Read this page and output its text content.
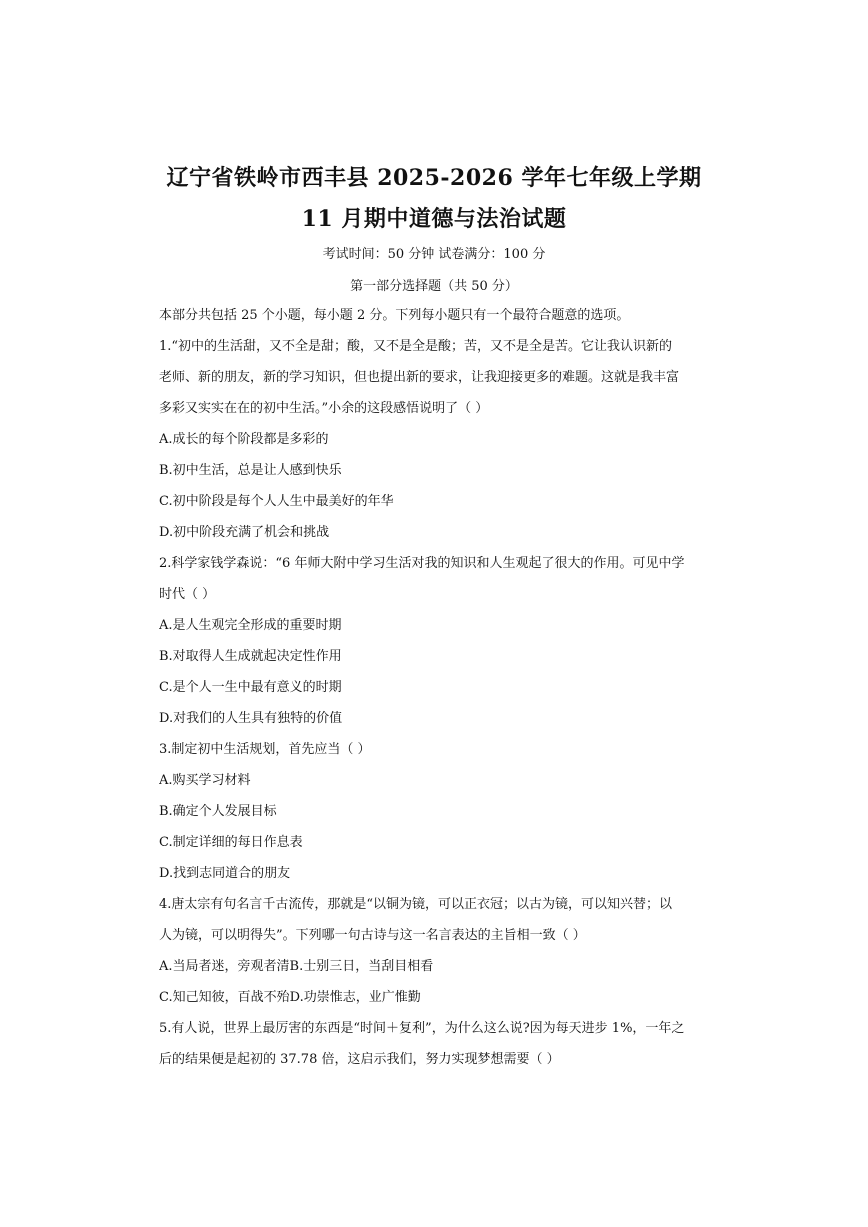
辽宁省铁岭市西丰县 2025-2026 学年七年级上学期
11 月期中道德与法治试题
考试时间：50 分钟 试卷满分：100 分
第一部分选择题（共 50 分）
本部分共包括 25 个小题，每小题 2 分。下列每小题只有一个最符合题意的选项。
1.“初中的生活甜，又不全是甜；酸，又不是全是酸；苦，又不是全是苦。它让我认识新的
老师、新的朋友，新的学习知识，但也提出新的要求，让我迎接更多的难题。这就是我丰富
多彩又实实在在的初中生活。”小余的这段感悟说明了（ ）
A.成长的每个阶段都是多彩的
B.初中生活，总是让人感到快乐
C.初中阶段是每个人人生中最美好的年华
D.初中阶段充满了机会和挑战
2.科学家钱学森说：“6 年师大附中学习生活对我的知识和人生观起了很大的作用。可见中学
时代（ ）
A.是人生观完全形成的重要时期
B.对取得人生成就起决定性作用
C.是个人一生中最有意义的时期
D.对我们的人生具有独特的价值
3.制定初中生活规划，首先应当（ ）
A.购买学习材料
B.确定个人发展目标
C.制定详细的每日作息表
D.找到志同道合的朋友
4.唐太宗有句名言千古流传，那就是“以铜为镜，可以正衣冠；以古为镜，可以知兴替；以
人为镜，可以明得失”。下列哪一句古诗与这一名言表达的主旨相一致（ ）
A.当局者迷，旁观者清B.士别三日，当刮目相看
C.知己知彼，百战不殆D.功崇惟志，业广惟勤
5.有人说，世界上最厉害的东西是“时间＋复利”，为什么这么说?因为每天进步 1%，一年之
后的结果便是起初的 37.78 倍，这启示我们，努力实现梦想需要（ ）
